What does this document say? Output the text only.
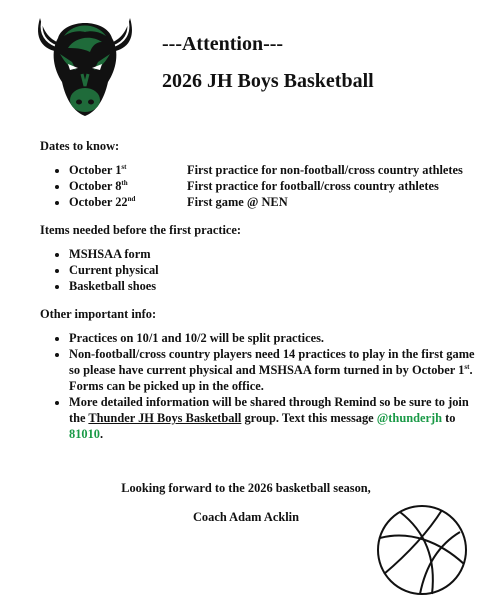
---Attention---
2026 JH Boys Basketball

Dates to know:

• October 1st	First practice for non-football/cross country athletes
• October 8th	First practice for football/cross country athletes
• October 22nd	First game @ NEN

Items needed before the first practice:

• MSHSAA form
• Current physical
• Basketball shoes

Other important info:

• Practices on 10/1 and 10/2 will be split practices.
• Non-football/cross country players need 14 practices to play in the first game so please have current physical and MSHSAA form turned in by October 1st. Forms can be picked up in the office.
• More detailed information will be shared through Remind so be sure to join the Thunder JH Boys Basketball group. Text this message @thunderjh to 81010.
Looking forward to the 2026 basketball season,
Coach Adam Acklin
